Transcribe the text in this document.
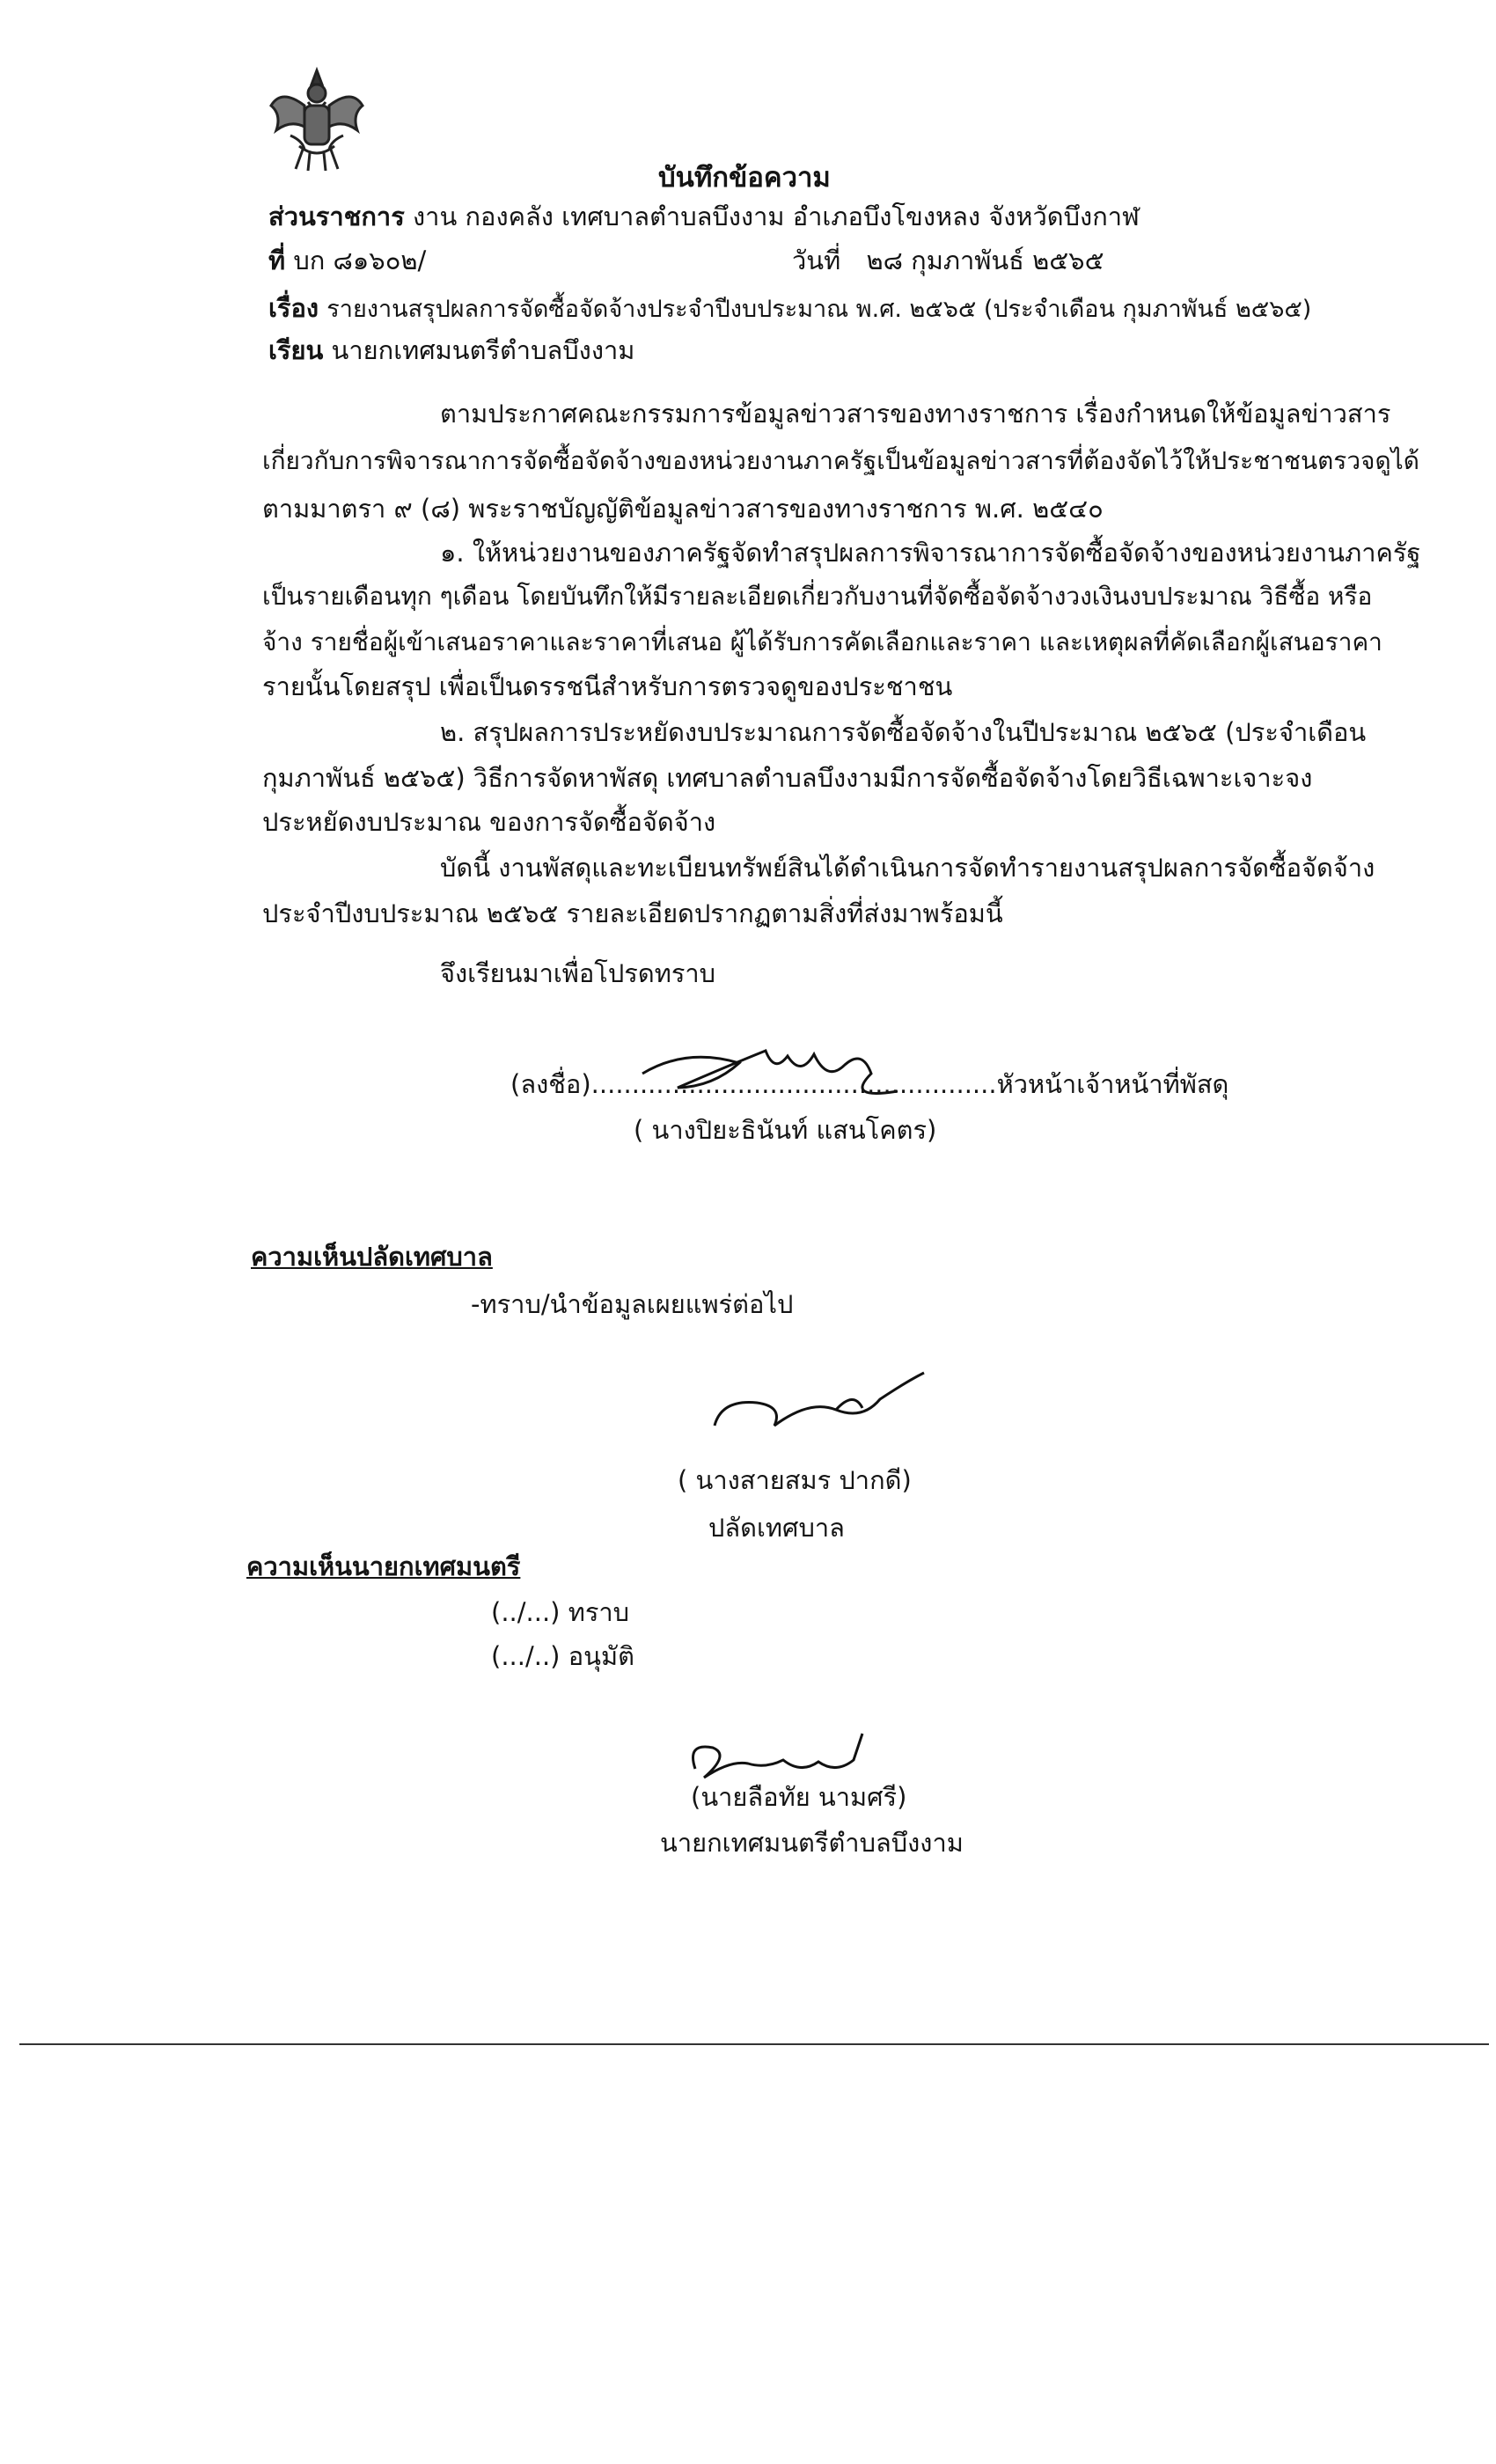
บันทึกข้อความ
ส่วนราชการ งาน กองคลัง เทศบาลตำบลบึงงาม อำเภอบึงโขงหลง จังหวัดบึงกาฬ
ที่ บก ๘๑๖๐๒/	วันที่ ๒๘ กุมภาพันธ์ ๒๕๖๕
เรื่อง รายงานสรุปผลการจัดซื้อจัดจ้างประจำปีงบประมาณ พ.ศ. ๒๕๖๕ (ประจำเดือน กุมภาพันธ์ ๒๕๖๕)
เรียน นายกเทศมนตรีตำบลบึงงาม
ตามประกาศคณะกรรมการข้อมูลข่าวสารของทางราชการ เรื่องกำหนดให้ข้อมูลข่าวสาร
เกี่ยวกับการพิจารณาการจัดซื้อจัดจ้างของหน่วยงานภาครัฐเป็นข้อมูลข่าวสารที่ต้องจัดไว้ให้ประชาชนตรวจดูได้
ตามมาตรา ๙ (๘) พระราชบัญญัติข้อมูลข่าวสารของทางราชการ พ.ศ. ๒๕๔๐
๑. ให้หน่วยงานของภาครัฐจัดทำสรุปผลการพิจารณาการจัดซื้อจัดจ้างของหน่วยงานภาครัฐ
เป็นรายเดือนทุก ๆเดือน โดยบันทึกให้มีรายละเอียดเกี่ยวกับงานที่จัดซื้อจัดจ้างวงเงินงบประมาณ วิธีซื้อ หรือ
จ้าง รายชื่อผู้เข้าเสนอราคาและราคาที่เสนอ ผู้ได้รับการคัดเลือกและราคา และเหตุผลที่คัดเลือกผู้เสนอราคา
รายนั้นโดยสรุป เพื่อเป็นดรรชนีสำหรับการตรวจดูของประชาชน
๒. สรุปผลการประหยัดงบประมาณการจัดซื้อจัดจ้างในปีประมาณ ๒๕๖๕ (ประจำเดือน
กุมภาพันธ์ ๒๕๖๕) วิธีการจัดหาพัสดุ เทศบาลตำบลบึงงามมีการจัดซื้อจัดจ้างโดยวิธีเฉพาะเจาะจง
ประหยัดงบประมาณ ของการจัดซื้อจัดจ้าง
บัดนี้ งานพัสดุและทะเบียนทรัพย์สินได้ดำเนินการจัดทำรายงานสรุปผลการจัดซื้อจัดจ้าง
ประจำปีงบประมาณ ๒๕๖๕ รายละเอียดปรากฏตามสิ่งที่ส่งมาพร้อมนี้
จึงเรียนมาเพื่อโปรดทราบ
(ลงชื่อ)..................................................หัวหน้าเจ้าหน้าที่พัสดุ
( นางปิยะธินันท์ แสนโคตร)
ความเห็นปลัดเทศบาล
-ทราบ/นำข้อมูลเผยแพร่ต่อไป
( นางสายสมร ปากดี)
ปลัดเทศบาล
ความเห็นนายกเทศมนตรี
(../...) ทราบ
(.../..) อนุมัติ
(นายลือทัย นามศรี)
นายกเทศมนตรีตำบลบึงงาม
